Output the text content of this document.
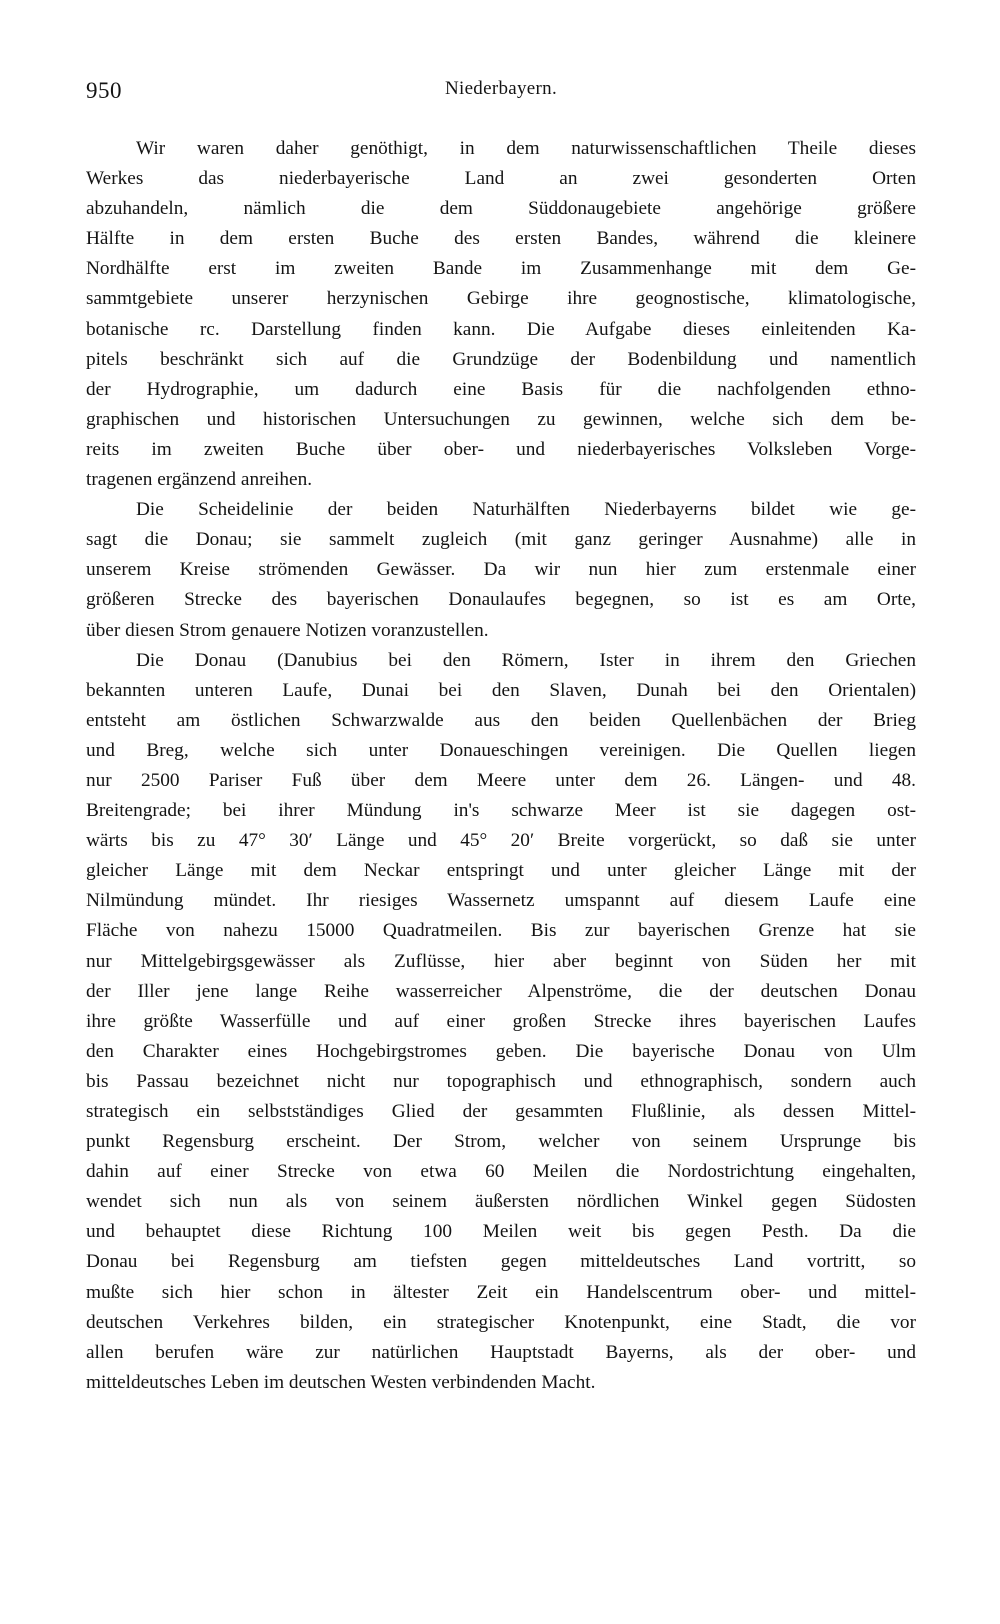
950	Niederbayern.
Wir waren daher genöthigt, in dem naturwissenschaftlichen Theile dieses
Werkes das niederbayerische Land an zwei gesonderten Orten
abzuhandeln, nämlich die dem Süddonaugebiete angehörige größere
Hälfte in dem ersten Buche des ersten Bandes, während die kleinere
Nordhälfte erst im zweiten Bande im Zusammenhange mit dem Ge-
sammtgebiete unserer herzynischen Gebirge ihre geognostische, klimatologische,
botanische rc. Darstellung finden kann. Die Aufgabe dieses einleitenden Ka-
pitels beschränkt sich auf die Grundzüge der Bodenbildung und namentlich
der Hydrographie, um dadurch eine Basis für die nachfolgenden ethno-
graphischen und historischen Untersuchungen zu gewinnen, welche sich dem be-
reits im zweiten Buche über ober- und niederbayerisches Volksleben Vorge-
tragenen ergänzend anreihen.
Die Scheidelinie der beiden Naturhälften Niederbayerns bildet wie ge-
sagt die Donau; sie sammelt zugleich (mit ganz geringer Ausnahme) alle in
unserem Kreise strömenden Gewässer. Da wir nun hier zum erstenmale einer
größeren Strecke des bayerischen Donaulaufes begegnen, so ist es am Orte,
über diesen Strom genauere Notizen voranzustellen.
Die Donau (Danubius bei den Römern, Ister in ihrem den Griechen
bekannten unteren Laufe, Dunai bei den Slaven, Dunah bei den Orientalen)
entsteht am östlichen Schwarzwalde aus den beiden Quellenbächen der Brieg
und Breg, welche sich unter Donaueschingen vereinigen. Die Quellen liegen
nur 2500 Pariser Fuß über dem Meere unter dem 26. Längen- und 48.
Breitengrade; bei ihrer Mündung in's schwarze Meer ist sie dagegen ost-
wärts bis zu 47° 30′ Länge und 45° 20′ Breite vorgerückt, so daß sie unter
gleicher Länge mit dem Neckar entspringt und unter gleicher Länge mit der
Nilmündung mündet. Ihr riesiges Wassernetz umspannt auf diesem Laufe eine
Fläche von nahezu 15000 Quadratmeilen. Bis zur bayerischen Grenze hat sie
nur Mittelgebirgsgewässer als Zuflüsse, hier aber beginnt von Süden her mit
der Iller jene lange Reihe wasserreicher Alpenströme, die der deutschen Donau
ihre größte Wasserfülle und auf einer großen Strecke ihres bayerischen Laufes
den Charakter eines Hochgebirgstromes geben. Die bayerische Donau von Ulm
bis Passau bezeichnet nicht nur topographisch und ethnographisch, sondern auch
strategisch ein selbstständiges Glied der gesammten Flußlinie, als dessen Mittel-
punkt Regensburg erscheint. Der Strom, welcher von seinem Ursprunge bis
dahin auf einer Strecke von etwa 60 Meilen die Nordostrichtung eingehalten,
wendet sich nun als von seinem äußersten nördlichen Winkel gegen Südosten
und behauptet diese Richtung 100 Meilen weit bis gegen Pesth. Da die
Donau bei Regensburg am tiefsten gegen mitteldeutsches Land vortritt, so
mußte sich hier schon in ältester Zeit ein Handelscentrum ober- und mittel-
deutschen Verkehres bilden, ein strategischer Knotenpunkt, eine Stadt, die vor
allen berufen wäre zur natürlichen Hauptstadt Bayerns, als der ober- und
mitteldeutsches Leben im deutschen Westen verbindenden Macht.
